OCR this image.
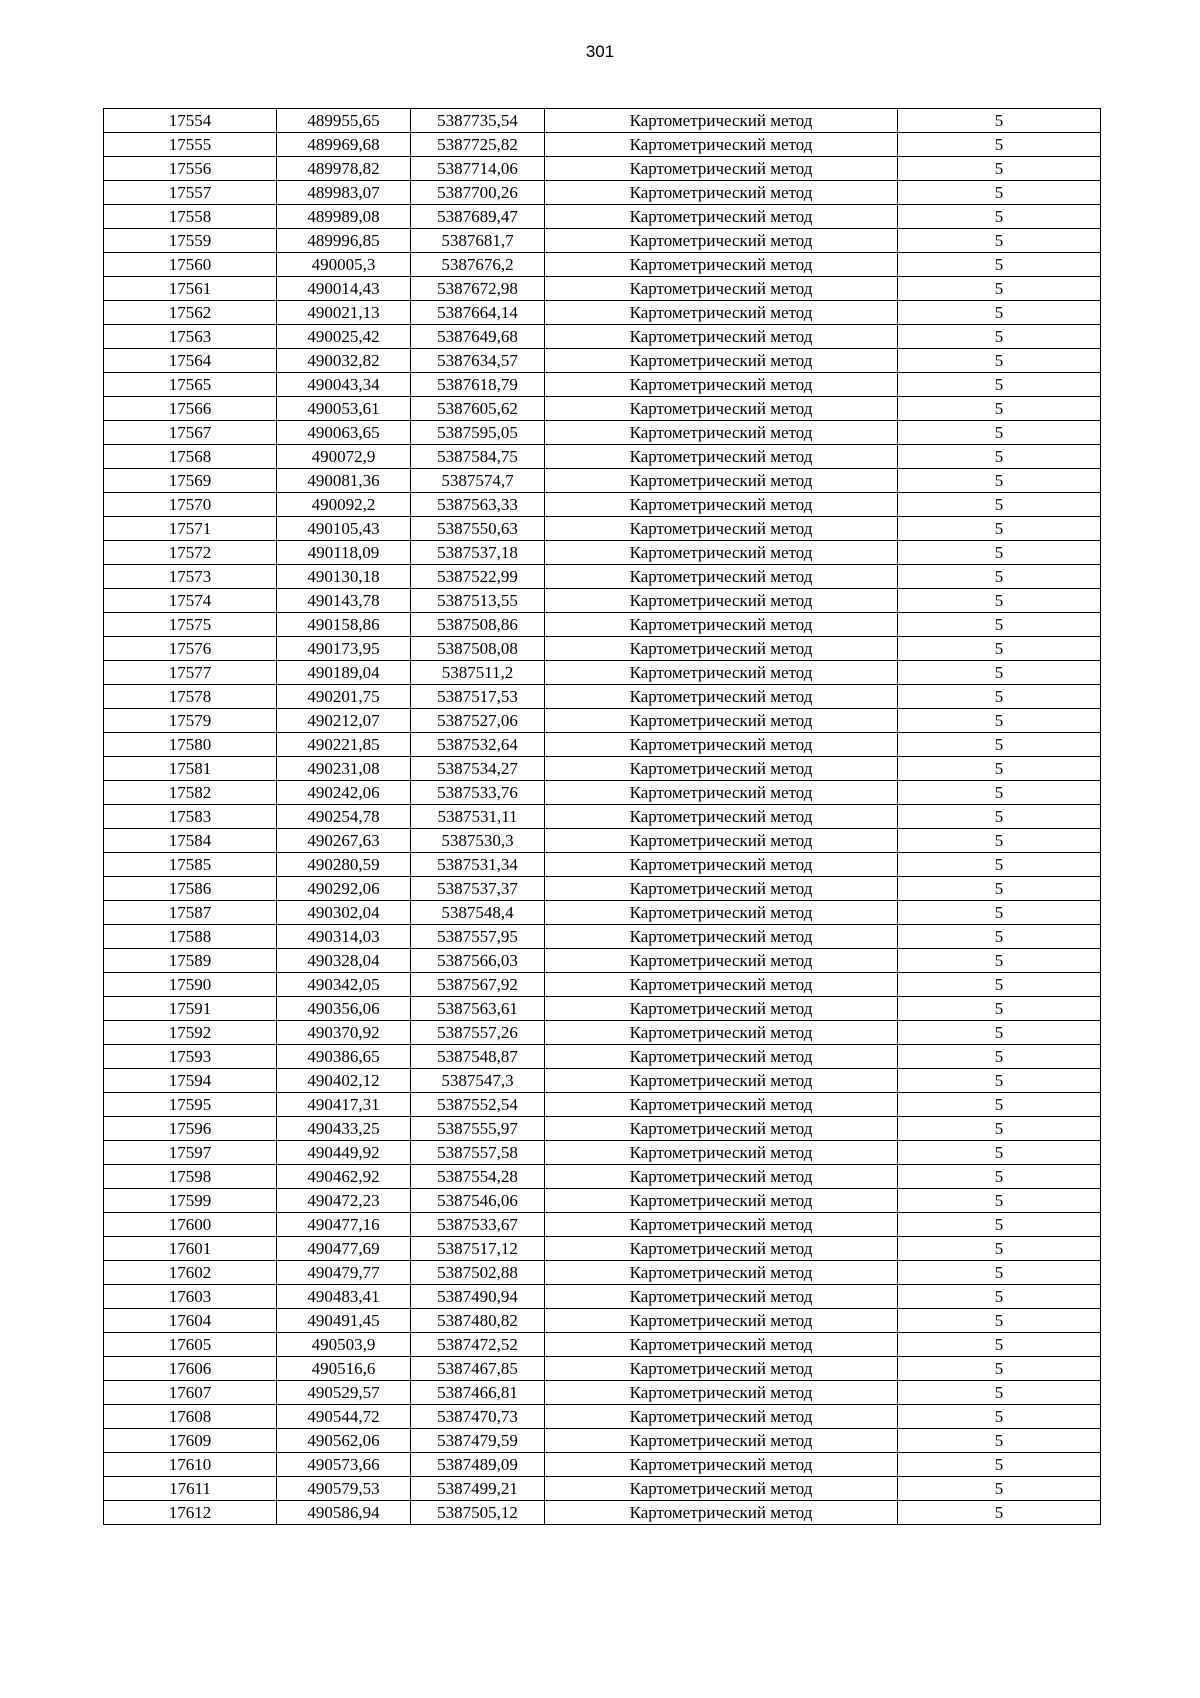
301
17554	489955,65	5387735,54	Картометрический метод	5
17555	489969,68	5387725,82	Картометрический метод	5
17556	489978,82	5387714,06	Картометрический метод	5
17557	489983,07	5387700,26	Картометрический метод	5
17558	489989,08	5387689,47	Картометрический метод	5
17559	489996,85	5387681,7	Картометрический метод	5
17560	490005,3	5387676,2	Картометрический метод	5
17561	490014,43	5387672,98	Картометрический метод	5
17562	490021,13	5387664,14	Картометрический метод	5
17563	490025,42	5387649,68	Картометрический метод	5
17564	490032,82	5387634,57	Картометрический метод	5
17565	490043,34	5387618,79	Картометрический метод	5
17566	490053,61	5387605,62	Картометрический метод	5
17567	490063,65	5387595,05	Картометрический метод	5
17568	490072,9	5387584,75	Картометрический метод	5
17569	490081,36	5387574,7	Картометрический метод	5
17570	490092,2	5387563,33	Картометрический метод	5
17571	490105,43	5387550,63	Картометрический метод	5
17572	490118,09	5387537,18	Картометрический метод	5
17573	490130,18	5387522,99	Картометрический метод	5
17574	490143,78	5387513,55	Картометрический метод	5
17575	490158,86	5387508,86	Картометрический метод	5
17576	490173,95	5387508,08	Картометрический метод	5
17577	490189,04	5387511,2	Картометрический метод	5
17578	490201,75	5387517,53	Картометрический метод	5
17579	490212,07	5387527,06	Картометрический метод	5
17580	490221,85	5387532,64	Картометрический метод	5
17581	490231,08	5387534,27	Картометрический метод	5
17582	490242,06	5387533,76	Картометрический метод	5
17583	490254,78	5387531,11	Картометрический метод	5
17584	490267,63	5387530,3	Картометрический метод	5
17585	490280,59	5387531,34	Картометрический метод	5
17586	490292,06	5387537,37	Картометрический метод	5
17587	490302,04	5387548,4	Картометрический метод	5
17588	490314,03	5387557,95	Картометрический метод	5
17589	490328,04	5387566,03	Картометрический метод	5
17590	490342,05	5387567,92	Картометрический метод	5
17591	490356,06	5387563,61	Картометрический метод	5
17592	490370,92	5387557,26	Картометрический метод	5
17593	490386,65	5387548,87	Картометрический метод	5
17594	490402,12	5387547,3	Картометрический метод	5
17595	490417,31	5387552,54	Картометрический метод	5
17596	490433,25	5387555,97	Картометрический метод	5
17597	490449,92	5387557,58	Картометрический метод	5
17598	490462,92	5387554,28	Картометрический метод	5
17599	490472,23	5387546,06	Картометрический метод	5
17600	490477,16	5387533,67	Картометрический метод	5
17601	490477,69	5387517,12	Картометрический метод	5
17602	490479,77	5387502,88	Картометрический метод	5
17603	490483,41	5387490,94	Картометрический метод	5
17604	490491,45	5387480,82	Картометрический метод	5
17605	490503,9	5387472,52	Картометрический метод	5
17606	490516,6	5387467,85	Картометрический метод	5
17607	490529,57	5387466,81	Картометрический метод	5
17608	490544,72	5387470,73	Картометрический метод	5
17609	490562,06	5387479,59	Картометрический метод	5
17610	490573,66	5387489,09	Картометрический метод	5
17611	490579,53	5387499,21	Картометрический метод	5
17612	490586,94	5387505,12	Картометрический метод	5
